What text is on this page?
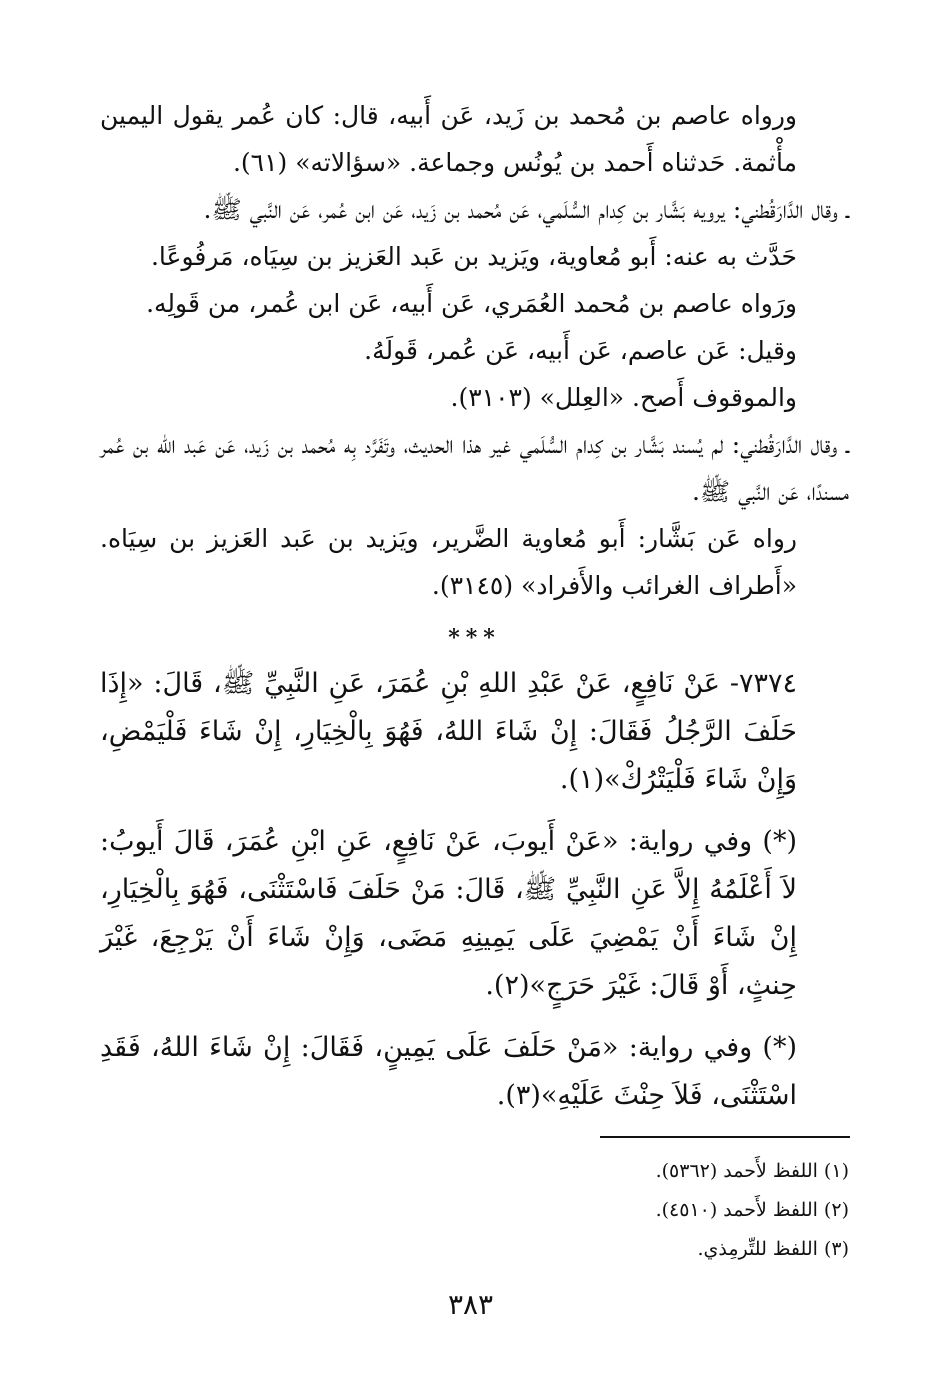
ورواه عاصم بن مُحمد بن زَيد، عَن أَبيه، قال: كان عُمر يقول اليمين مأْثمة. حَدثناه أَحمد بن يُونُس وجماعة. «سؤالاته» (٦١).

ـ وقال الدَّارَقُطني: يرويه بَشَّار بن كِدام السُّلَمي، عَن مُحمد بن زَيد، عَن ابن عُمر، عَن النَّبي ﷺ.

حَدَّث به عنه: أَبو مُعاوية، ويَزيد بن عَبد العَزيز بن سِيَاه، مَرفُوعًا.

ورَواه عاصم بن مُحمد العُمَري، عَن أَبيه، عَن ابن عُمر، من قَولِه.

وقيل: عَن عاصم، عَن أَبيه، عَن عُمر، قَولَهُ.

والموقوف أَصح. «العِلل» (٣١٠٣).

ـ وقال الدَّارَقُطني: لم يُسند بَشَّار بن كِدام السُّلَمي غير هذا الحديث، وتَفَرَّد بِه مُحمد بن زَيد، عَن عَبد الله بن عُمر مسندًا، عَن النَّبي ﷺ.

رواه عَن بَشَّار: أَبو مُعاوية الضَّرير، ويَزيد بن عَبد العَزيز بن سِيَاه. «أَطراف الغرائب والأَفراد» (٣١٤٥).

***

٧٣٧٤- عَنْ نَافِعٍ، عَنْ عَبْدِ اللهِ بْنِ عُمَرَ، عَنِ النَّبِيِّ ﷺ، قَالَ: «إِذَا حَلَفَ الرَّجُلُ فَقَالَ: إِنْ شَاءَ اللهُ، فَهُوَ بِالْخِيَارِ، إِنْ شَاءَ فَلْيَمْضِ، وَإِنْ شَاءَ فَلْيَتْرُكْ»(١).

(*) وفي رواية: «عَنْ أَيوبَ، عَنْ نَافِعٍ، عَنِ ابْنِ عُمَرَ، قَالَ أَيوبُ: لاَ أَعْلَمُهُ إِلاَّ عَنِ النَّبِيِّ ﷺ، قَالَ: مَنْ حَلَفَ فَاسْتَثْنَى، فَهُوَ بِالْخِيَارِ، إِنْ شَاءَ أَنْ يَمْضِيَ عَلَى يَمِينِهِ مَضَى، وَإِنْ شَاءَ أَنْ يَرْجِعَ، غَيْرَ حِنثٍ، أَوْ قَالَ: غَيْرَ حَرَجٍ»(٢).

(*) وفي رواية: «مَنْ حَلَفَ عَلَى يَمِينٍ، فَقَالَ: إِنْ شَاءَ اللهُ، فَقَدِ اسْتَثْنَى، فَلاَ حِنْثَ عَلَيْهِ»(٣).

(١) اللفظ لأَحمد (٥٣٦٢).
(٢) اللفظ لأَحمد (٤٥١٠).
(٣) اللفظ للتِّرمِذي.
٣٨٣
